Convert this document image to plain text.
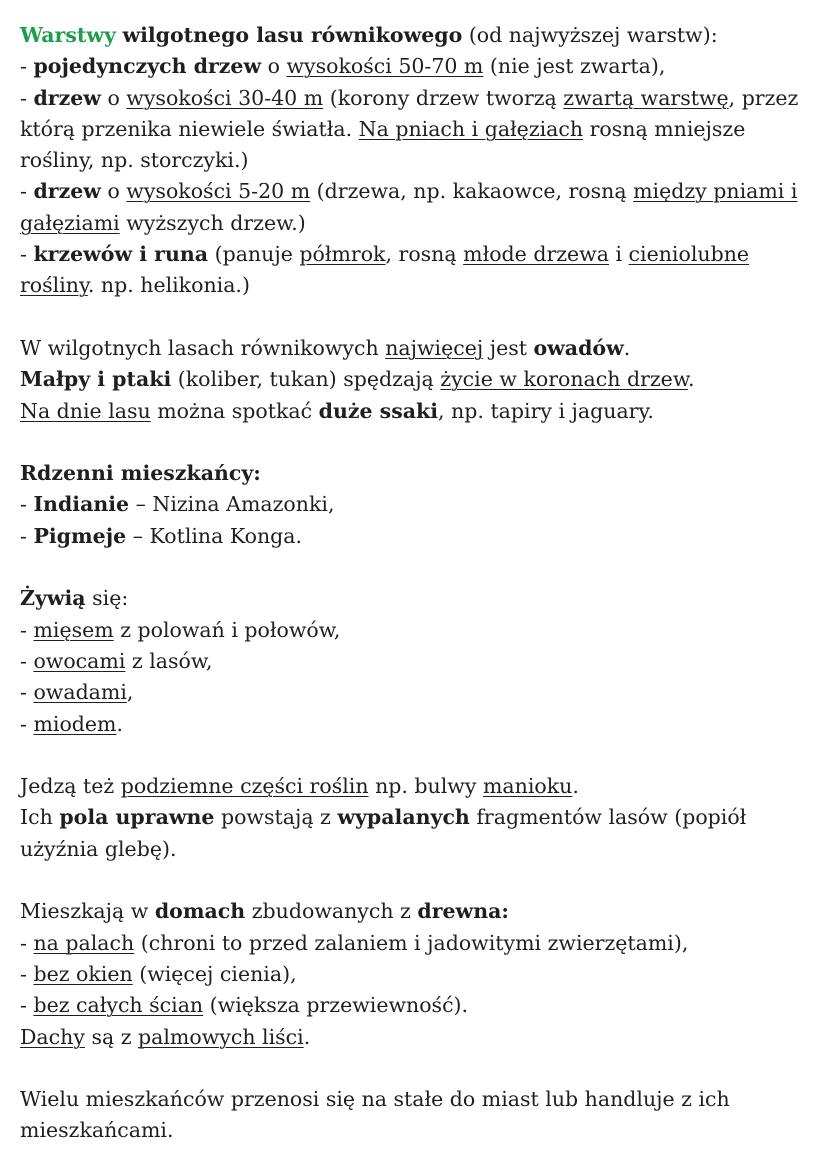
Warstwy wilgotnego lasu równikowego (od najwyższej warstw):

- pojedynczych drzew o wysokości 50-70 m (nie jest zwarta),

- drzew o wysokości 30-40 m (korony drzew tworzą zwartą warstwę, przez którą przenika niewiele światła. Na pniach i gałęziach rosną mniejsze rośliny, np. storczyki.)

- drzew o wysokości 5-20 m (drzewa, np. kakaowce, rosną między pniami i gałęziami wyższych drzew.)

- krzewów i runa (panuje półmrok, rosną młode drzewa i cieniolubne rośliny. np. helikonia.)

W wilgotnych lasach równikowych najwięcej jest owadów.

Małpy i ptaki (koliber, tukan) spędzają życie w koronach drzew.

Na dnie lasu można spotkać duże ssaki, np. tapiry i jaguary.

Rdzenni mieszkańcy:

- Indianie – Nizina Amazonki,

- Pigmeje – Kotlina Konga.

Żywią się:

- mięsem z polowań i połowów,

- owocami z lasów,

- owadami,

- miodem.

Jedzą też podziemne części roślin np. bulwy manioku.

Ich pola uprawne powstają z wypalanych fragmentów lasów (popiół użyźnia glebę).

Mieszkają w domach zbudowanych z drewna:

- na palach (chroni to przed zalaniem i jadowitymi zwierzętami),

- bez okien (więcej cienia),

- bez całych ścian (większa przewiewność).

Dachy są z palmowych liści.

Wielu mieszkańców przenosi się na stałe do miast lub handluje z ich mieszkańcami.
